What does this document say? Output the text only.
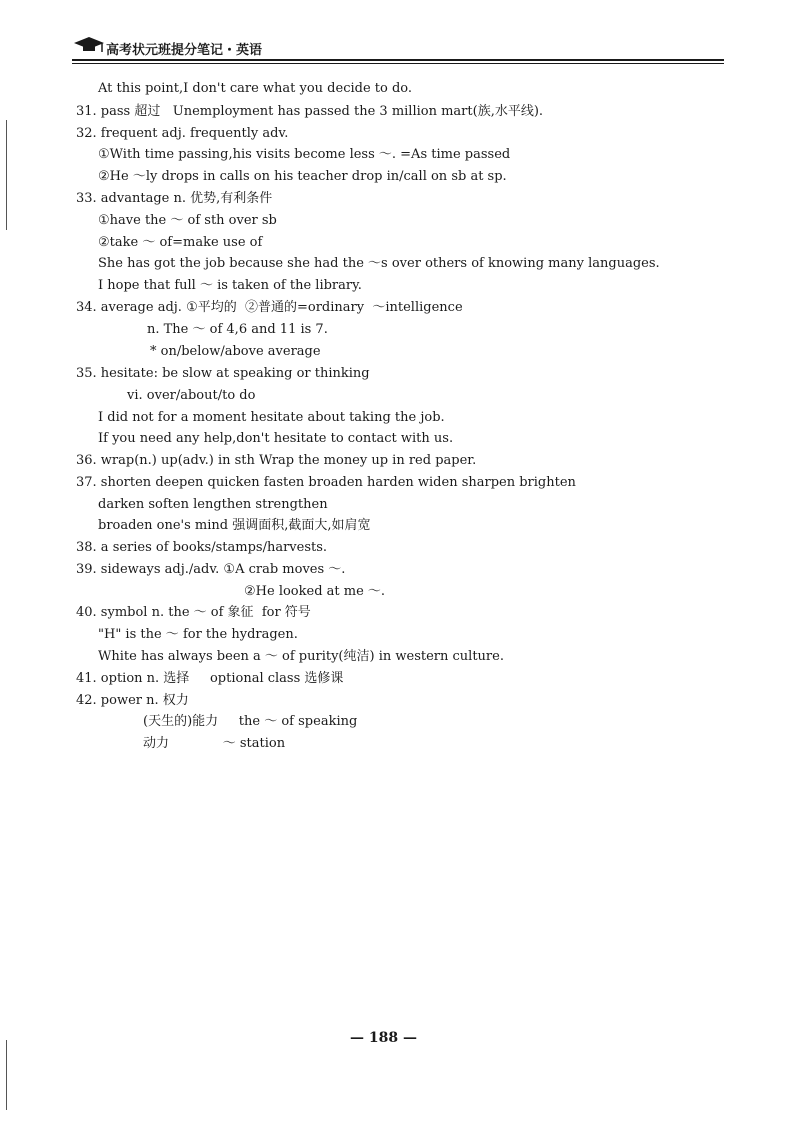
高考状元班提分笔记・英语
At this point,I don't care what you decide to do.
31. pass 超过   Unemployment has passed the 3 million mart(族,水平线).
32. frequent adj. frequently adv.
①With time passing,his visits become less ～. =As time passed
②He ～ly drops in calls on his teacher drop in/call on sb at sp.
33. advantage n. 优势,有利条件
①have the ～ of sth over sb
②take ～ of=make use of
She has got the job because she had the ～s over others of knowing many languages.
I hope that full ～ is taken of the library.
34. average adj. ①平均的  ②普通的=ordinary  ～intelligence
n. The ～ of 4,6 and 11 is 7.
* on/below/above average
35. hesitate: be slow at speaking or thinking
vi. over/about/to do
I did not for a moment hesitate about taking the job.
If you need any help,don't hesitate to contact with us.
36. wrap(n.) up(adv.) in sth Wrap the money up in red paper.
37. shorten deepen quicken fasten broaden harden widen sharpen brighten
darken soften lengthen strengthen
broaden one's mind 强调面积,截面大,如肩宽
38. a series of books/stamps/harvests.
39. sideways adj./adv. ①A crab moves ～.
②He looked at me ～.
40. symbol n. the ～ of 象征  for 符号
"H" is the ～ for the hydragen.
White has always been a ～ of purity(纯洁) in western culture.
41. option n. 选择     optional class 选修课
42. power n. 权力
(天生的)能力     the ～ of speaking
动力             ～ station
— 188 —
